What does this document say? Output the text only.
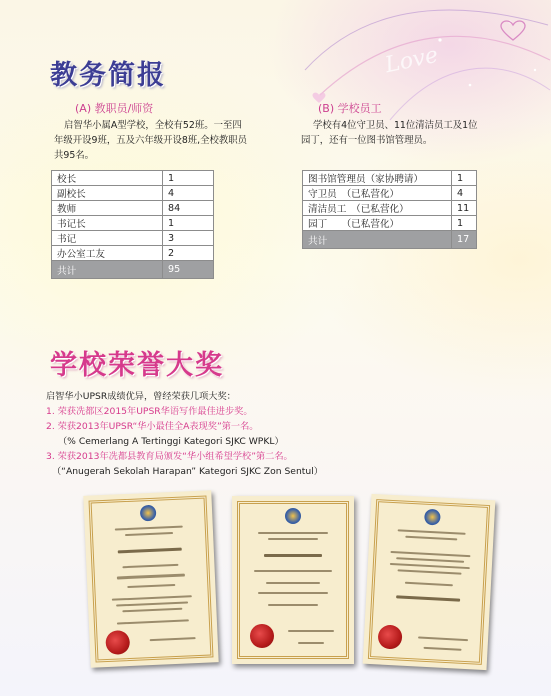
Love
教务简报
(A) 教职员/师资
启智华小属A型学校，全校有52班。一至四
年级开设9班，五及六年级开设8班,全校教职员
共95名。
校长	1
副校长	4
教师	84
书记长	1
书记	3
办公室工友	2
共计	95
(B) 学校员工
学校有4位守卫员、11位清洁员工及1位
园丁，还有一位图书馆管理员。
图书馆管理员（家协聘请）	1
守卫员　（已私营化）	4
清洁员工　（已私营化）	11
园丁　　（已私营化）	1
共计	17
学校荣誉大奖
启智华小UPSR成绩优异，曾经荣获几项大奖：
1. 荣获冼都区2015年UPSR华语写作最佳进步奖。
2. 荣获2013年UPSR“华小最佳全A表现奖”第一名。
（% Cemerlang A Tertinggi Kategori SJKC WPKL）
3. 荣获2013年冼都县教育局颁发“华小组希望学校”第二名。
（“Anugerah Sekolah Harapan” Kategori SJKC Zon Sentul）
